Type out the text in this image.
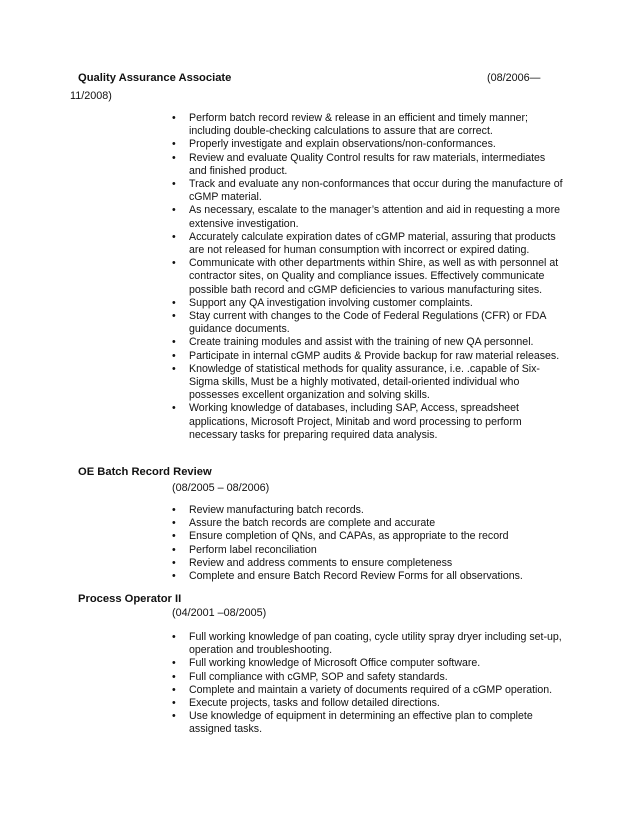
Quality Assurance Associate	(08/2006—
11/2008)
• Perform batch record review & release in an efficient and timely manner; including double-checking calculations to assure that are correct.
• Properly investigate and explain observations/non-conformances.
• Review and evaluate Quality Control results for raw materials, intermediates and finished product.
• Track and evaluate any non-conformances that occur during the manufacture of cGMP material.
• As necessary, escalate to the manager’s attention and aid in requesting a more extensive investigation.
• Accurately calculate expiration dates of cGMP material, assuring that products are not released for human consumption with incorrect or expired dating.
• Communicate with other departments within Shire, as well as with personnel at contractor sites, on Quality and compliance issues. Effectively communicate possible bath record and cGMP deficiencies to various manufacturing sites.
• Support any QA investigation involving customer complaints.
• Stay current with changes to the Code of Federal Regulations (CFR) or FDA guidance documents.
• Create training modules and assist with the training of new QA personnel.
• Participate in internal cGMP audits & Provide backup for raw material releases.
• Knowledge of statistical methods for quality assurance, i.e. .capable of Six-Sigma skills, Must be a highly motivated, detail-oriented individual who possesses excellent organization and solving skills.
• Working knowledge of databases, including SAP, Access, spreadsheet applications, Microsoft Project, Minitab and word processing to perform necessary tasks for preparing required data analysis.
OE Batch Record Review
(08/2005 – 08/2006)
• Review manufacturing batch records.
• Assure the batch records are complete and accurate
• Ensure completion of QNs, and CAPAs, as appropriate to the record
• Perform label reconciliation
• Review and address comments to ensure completeness
• Complete and ensure Batch Record Review Forms for all observations.
Process Operator II
(04/2001 –08/2005)
• Full working knowledge of pan coating, cycle utility spray dryer including set-up, operation and troubleshooting.
• Full working knowledge of Microsoft Office computer software.
• Full compliance with cGMP, SOP and safety standards.
• Complete and maintain a variety of documents required of a cGMP operation.
• Execute projects, tasks and follow detailed directions.
• Use knowledge of equipment in determining an effective plan to complete assigned tasks.
